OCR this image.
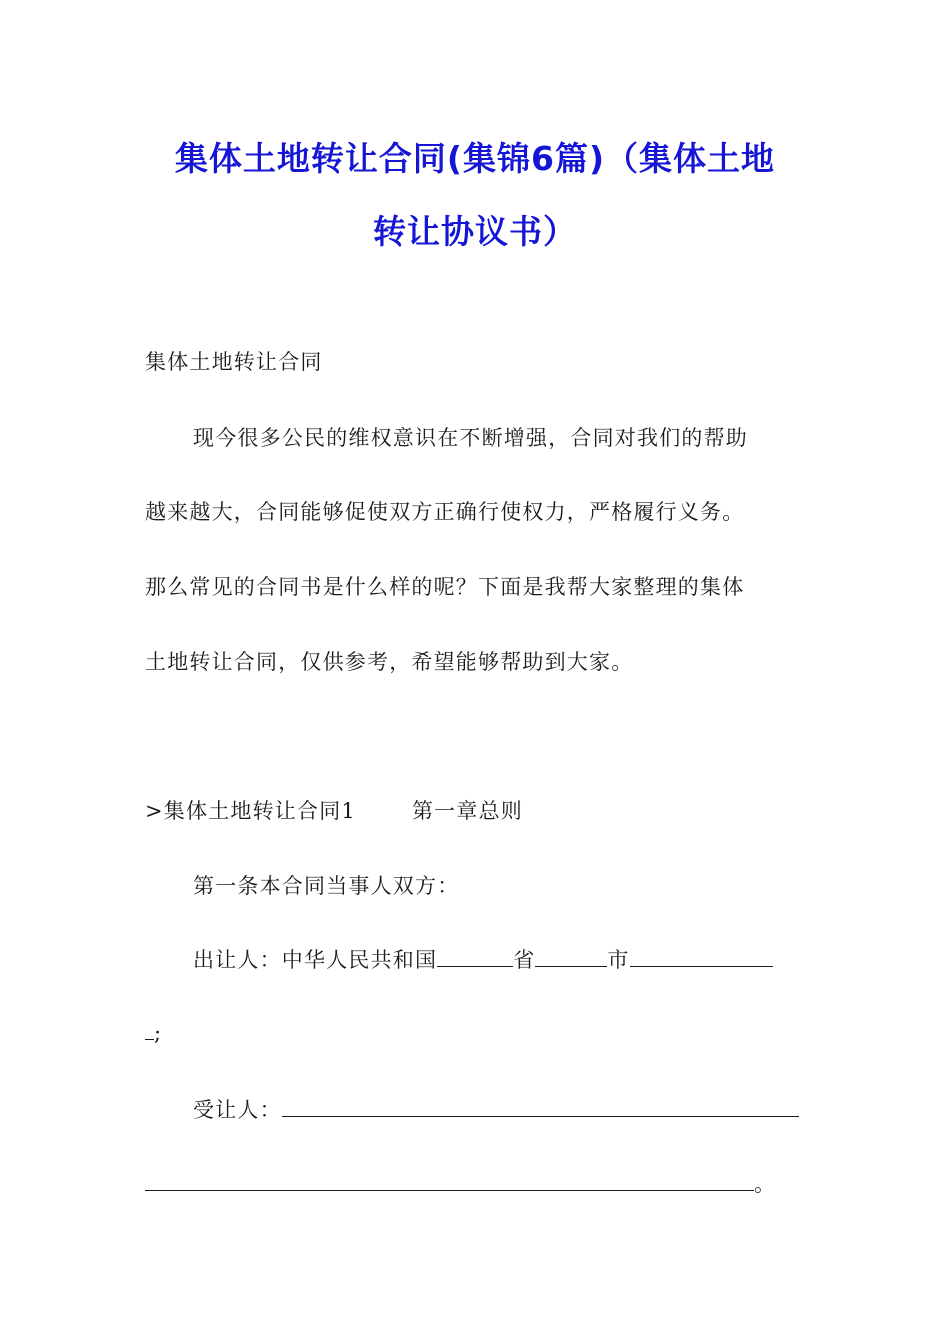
集体土地转让合同(集锦6篇)（集体土地
转让协议书）
集体土地转让合同
现今很多公民的维权意识在不断增强，合同对我们的帮助
越来越大，合同能够促使双方正确行使权力，严格履行义务。
那么常见的合同书是什么样的呢？下面是我帮大家整理的集体
土地转让合同，仅供参考，希望能够帮助到大家。
>集体土地转让合同1	第一章总则
第一条本合同当事人双方：
出让人：中华人民共和国	省	市
;
受让人：
。
